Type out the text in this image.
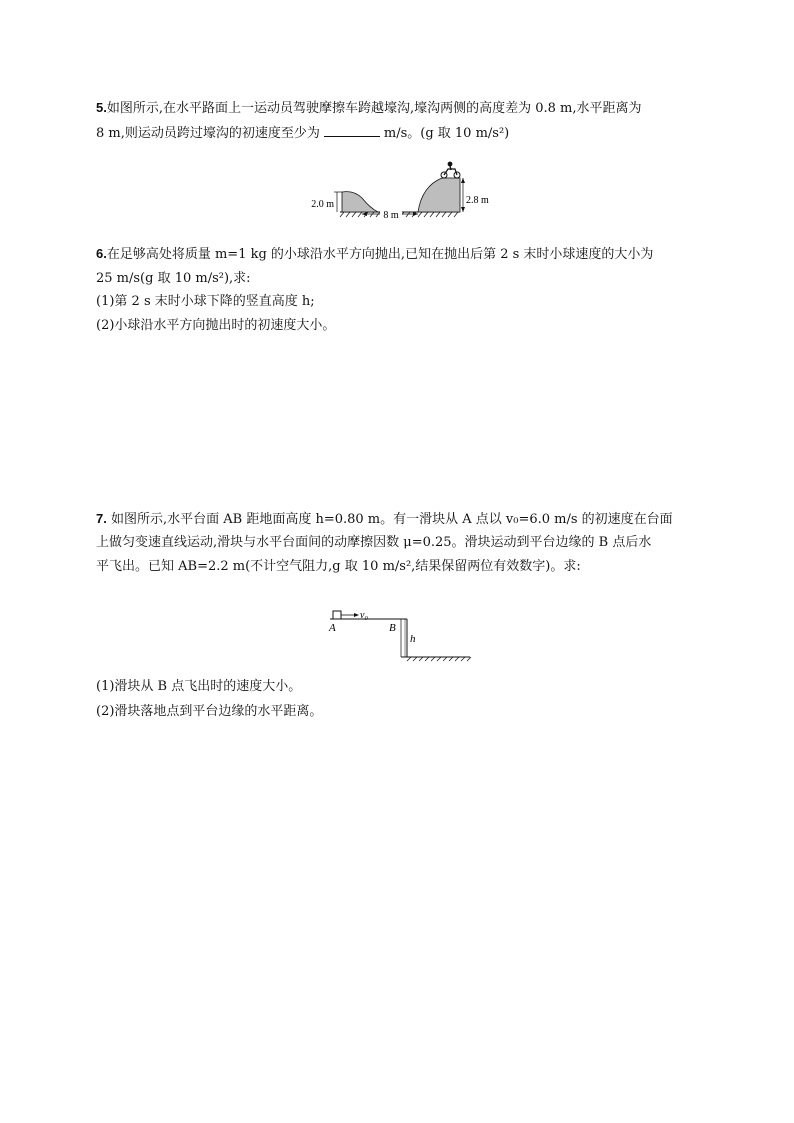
5.如图所示,在水平路面上一运动员驾驶摩擦车跨越壕沟,壕沟两侧的高度差为 0.8 m,水平距离为
8 m,则运动员跨过壕沟的初速度至少为	m/s。(g 取 10 m/s²)
2.0 m
8 m
2.8 m
6.在足够高处将质量 m=1 kg 的小球沿水平方向抛出,已知在抛出后第 2 s 末时小球速度的大小为
25 m/s(g 取 10 m/s²),求:
(1)第 2 s 末时小球下降的竖直高度 h;
(2)小球沿水平方向抛出时的初速度大小。
7. 如图所示,水平台面 AB 距地面高度 h=0.80 m。有一滑块从 A 点以 v₀=6.0 m/s 的初速度在台面
上做匀变速直线运动,滑块与水平台面间的动摩擦因数 μ=0.25。滑块运动到平台边缘的 B 点后水
平飞出。已知 AB=2.2 m(不计空气阻力,g 取 10 m/s²,结果保留两位有效数字)。求:
v₀
A	B
h
(1)滑块从 B 点飞出时的速度大小。
(2)滑块落地点到平台边缘的水平距离。
